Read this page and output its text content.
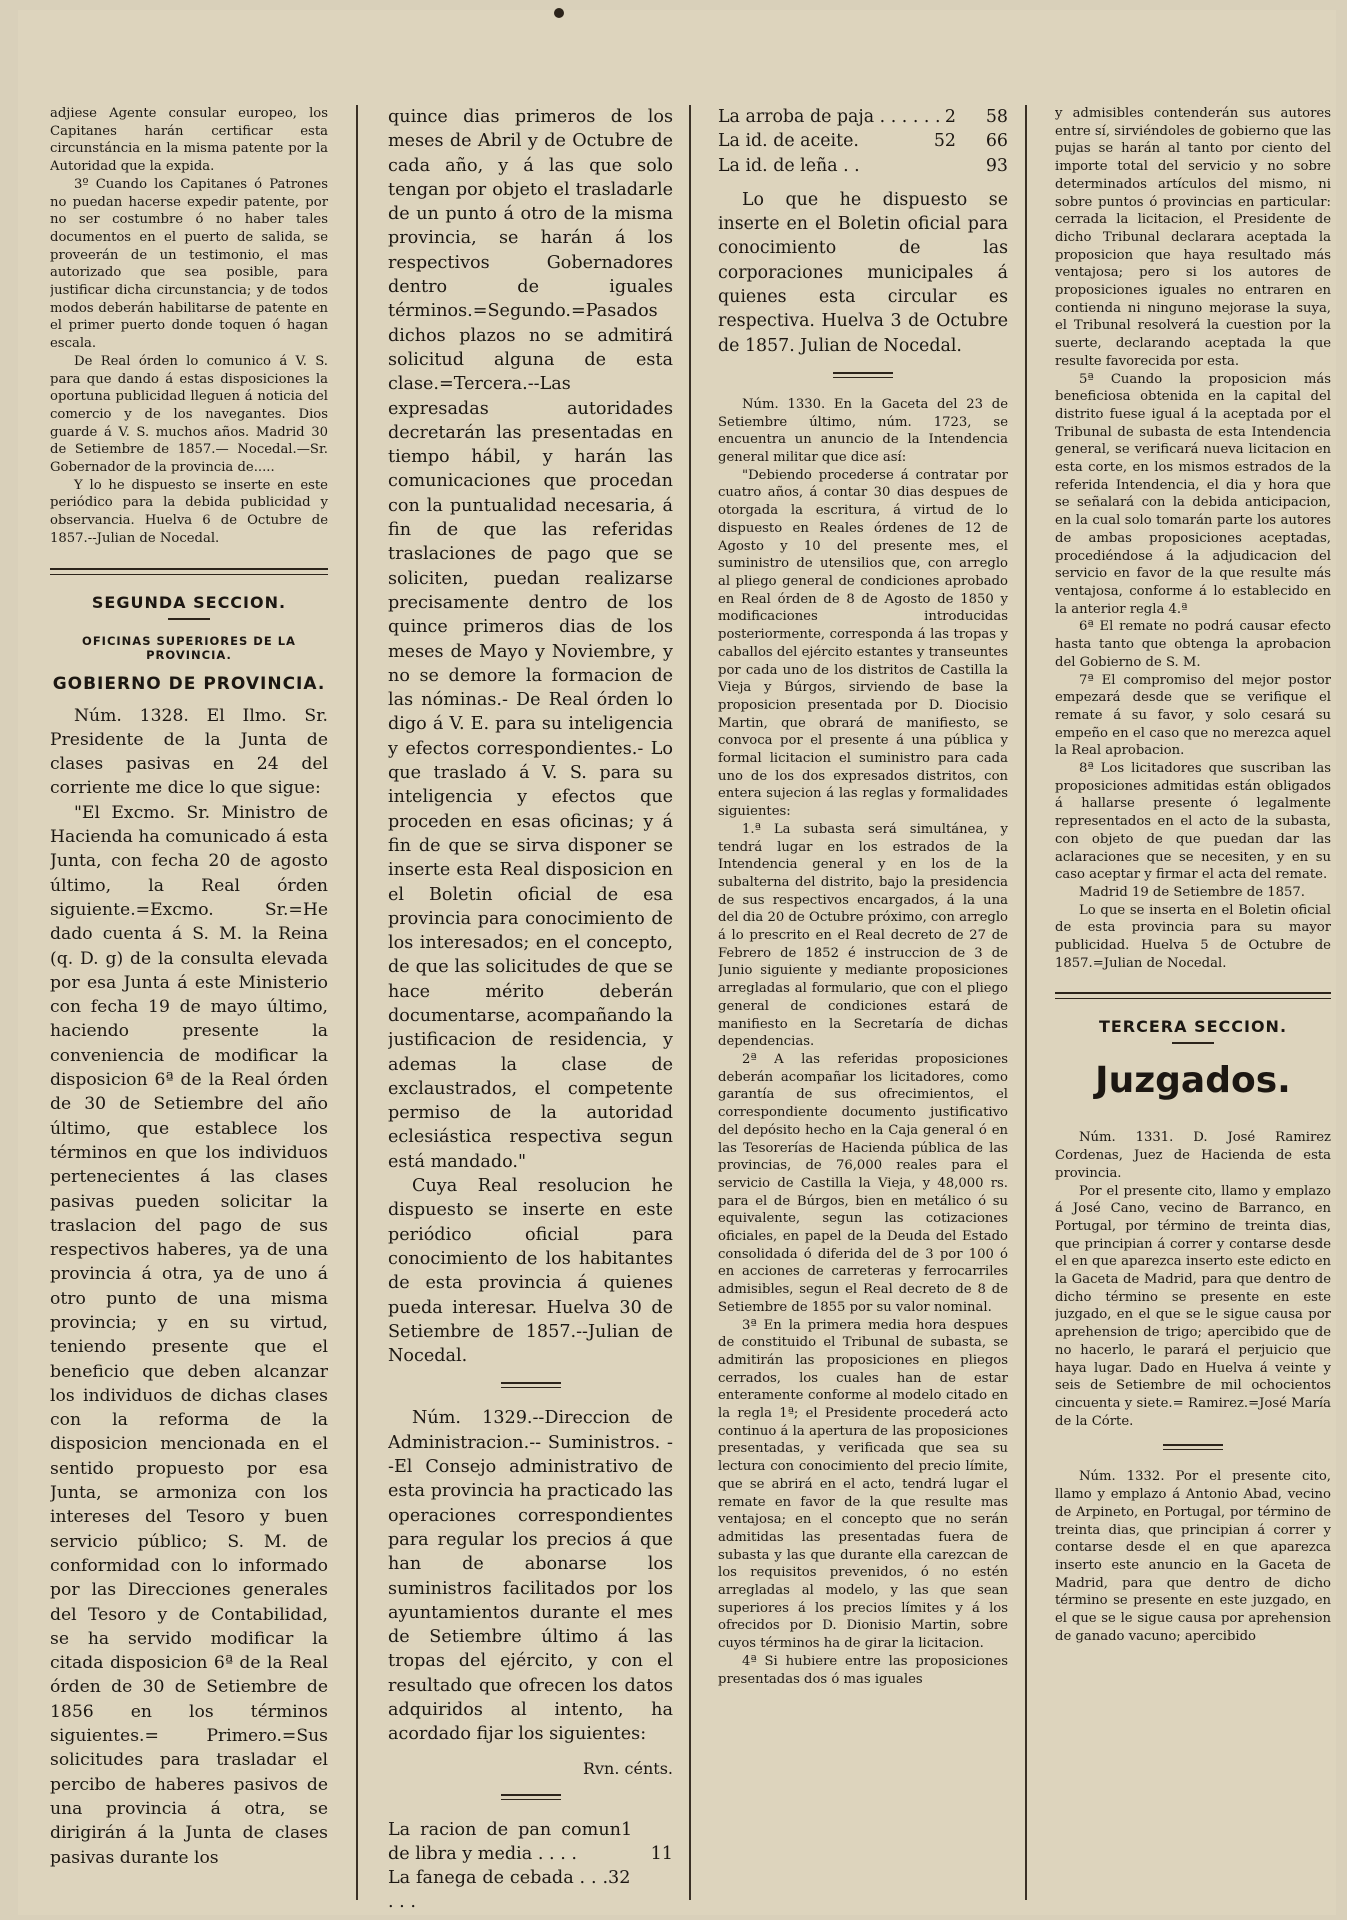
adjiese Agente consular europeo, los Capitanes harán certificar esta circunstáncia en la misma patente por la Autoridad que la expida.

3º Cuando los Capitanes ó Patrones no puedan hacerse expedir patente, por no ser costumbre ó no haber tales documentos en el puerto de salida, se proveerán de un testimonio, el mas autorizado que sea posible, para justificar dicha circunstancia; y de todos modos deberán habilitarse de patente en el primer puerto donde toquen ó hagan escala.

De Real órden lo comunico á V. S. para que dando á estas disposiciones la oportuna publicidad lleguen á noticia del comercio y de los navegantes. Dios guarde á V. S. muchos años. Madrid 30 de Setiembre de 1857.— Nocedal.—Sr. Gobernador de la provincia de.....

Y lo he dispuesto se inserte en este periódico para la debida publicidad y observancia. Huelva 6 de Octubre de 1857.--Julian de Nocedal.

SEGUNDA SECCION.
OFICINAS SUPERIORES DE LA PROVINCIA.
GOBIERNO DE PROVINCIA.

Núm. 1328. El Ilmo. Sr. Presidente de la Junta de clases pasivas en 24 del corriente me dice lo que sigue:

"El Excmo. Sr. Ministro de Hacienda ha comunicado á esta Junta, con fecha 20 de agosto último, la Real órden siguiente.=Excmo. Sr.=He dado cuenta á S. M. la Reina (q. D. g) de la consulta elevada por esa Junta á este Ministerio con fecha 19 de mayo último, haciendo presente la conveniencia de modificar la disposicion 6ª de la Real órden de 30 de Setiembre del año último, que establece los términos en que los individuos pertenecientes á las clases pasivas pueden solicitar la traslacion del pago de sus respectivos haberes, ya de una provincia á otra, ya de uno á otro punto de una misma provincia; y en su virtud, teniendo presente que el beneficio que deben alcanzar los individuos de dichas clases con la reforma de la disposicion mencionada en el sentido propuesto por esa Junta, se armoniza con los intereses del Tesoro y buen servicio público; S. M. de conformidad con lo informado por las Direcciones generales del Tesoro y de Contabilidad, se ha servido modificar la citada disposicion 6ª de la Real órden de 30 de Setiembre de 1856 en los términos siguientes.= Primero.=Sus solicitudes para trasladar el percibo de haberes pasivos de una provincia á otra, se dirigirán á la Junta de clases pasivas durante los

quince dias primeros de los meses de Abril y de Octubre de cada año, y á las que solo tengan por objeto el trasladarle de un punto á otro de la misma provincia, se harán á los respectivos Gobernadores dentro de iguales términos.=Segundo.=Pasados dichos plazos no se admitirá solicitud alguna de esta clase.=Tercera.--Las expresadas autoridades decretarán las presentadas en tiempo hábil, y harán las comunicaciones que procedan con la puntualidad necesaria, á fin de que las referidas traslaciones de pago que se soliciten, puedan realizarse precisamente dentro de los quince primeros dias de los meses de Mayo y Noviembre, y no se demore la formacion de las nóminas.- De Real órden lo digo á V. E. para su inteligencia y efectos correspondientes.- Lo que traslado á V. S. para su inteligencia y efectos que proceden en esas oficinas; y á fin de que se sirva disponer se inserte esta Real disposicion en el Boletin oficial de esa provincia para conocimiento de los interesados; en el concepto, de que las solicitudes de que se hace mérito deberán documentarse, acompañando la justificacion de residencia, y ademas la clase de exclaustrados, el competente permiso de la autoridad eclesiástica respectiva segun está mandado."

Cuya Real resolucion he dispuesto se inserte en este periódico oficial para conocimiento de los habitantes de esta provincia á quienes pueda interesar. Huelva 30 de Setiembre de 1857.--Julian de Nocedal.

Núm. 1329.--Direccion de Administracion.-- Suministros. --El Consejo administrativo de esta provincia ha practicado las operaciones correspondientes para regular los precios á que han de abonarse los suministros facilitados por los ayuntamientos durante el mes de Setiembre último á las tropas del ejército, y con el resultado que ofrecen los datos adquiridos al intento, ha acordado fijar los siguientes:

Rvn. cénts.
La racion de pan comun de libra y media . . . .
111
La fanega de cebada . . . . . .
32
La arroba de paja . . . . . . 2 58
La id. de aceite.	52 66
La id. de leña . .	93

Lo que he dispuesto se inserte en el Boletin oficial para conocimiento de las corporaciones municipales á quienes esta circular es respectiva. Huelva 3 de Octubre de 1857. Julian de Nocedal.

Núm. 1330. En la Gaceta del 23 de Setiembre último, núm. 1723, se encuentra un anuncio de la Intendencia general militar que dice así:

"Debiendo procederse á contratar por cuatro años, á contar 30 dias despues de otorgada la escritura, á virtud de lo dispuesto en Reales órdenes de 12 de Agosto y 10 del presente mes, el suministro de utensilios que, con arreglo al pliego general de condiciones aprobado en Real órden de 8 de Agosto de 1850 y modificaciones introducidas posteriormente, corresponda á las tropas y caballos del ejército estantes y transeuntes por cada uno de los distritos de Castilla la Vieja y Búrgos, sirviendo de base la proposicion presentada por D. Diocisio Martin, que obrará de manifiesto, se convoca por el presente á una pública y formal licitacion el suministro para cada uno de los dos expresados distritos, con entera sujecion á las reglas y formalidades siguientes:

1.ª La subasta será simultánea, y tendrá lugar en los estrados de la Intendencia general y en los de la subalterna del distrito, bajo la presidencia de sus respectivos encargados, á la una del dia 20 de Octubre próximo, con arreglo á lo prescrito en el Real decreto de 27 de Febrero de 1852 é instruccion de 3 de Junio siguiente y mediante proposiciones arregladas al formulario, que con el pliego general de condiciones estará de manifiesto en la Secretaría de dichas dependencias.

2ª A las referidas proposiciones deberán acompañar los licitadores, como garantía de sus ofrecimientos, el correspondiente documento justificativo del depósito hecho en la Caja general ó en las Tesorerías de Hacienda pública de las provincias, de 76,000 reales para el servicio de Castilla la Vieja, y 48,000 rs. para el de Búrgos, bien en metálico ó su equivalente, segun las cotizaciones oficiales, en papel de la Deuda del Estado consolidada ó diferida del de 3 por 100 ó en acciones de carreteras y ferrocarriles admisibles, segun el Real decreto de 8 de Setiembre de 1855 por su valor nominal.

3ª En la primera media hora despues de constituido el Tribunal de subasta, se admitirán las proposiciones en pliegos cerrados, los cuales han de estar enteramente conforme al modelo citado en la regla 1ª; el Presidente procederá acto continuo á la apertura de las proposiciones presentadas, y verificada que sea su lectura con conocimiento del precio límite, que se abrirá en el acto, tendrá lugar el remate en favor de la que resulte mas ventajosa; en el concepto que no serán admitidas las presentadas fuera de subasta y las que durante ella carezcan de los requisitos prevenidos, ó no estén arregladas al modelo, y las que sean superiores á los precios límites y á los ofrecidos por D. Dionisio Martin, sobre cuyos términos ha de girar la licitacion.

4ª Si hubiere entre las proposiciones presentadas dos ó mas iguales

y admisibles contenderán sus autores entre sí, sirviéndoles de gobierno que las pujas se harán al tanto por ciento del importe total del servicio y no sobre determinados artículos del mismo, ni sobre puntos ó provincias en particular: cerrada la licitacion, el Presidente de dicho Tribunal declarara aceptada la proposicion que haya resultado más ventajosa; pero si los autores de proposiciones iguales no entraren en contienda ni ninguno mejorase la suya, el Tribunal resolverá la cuestion por la suerte, declarando aceptada la que resulte favorecida por esta.

5ª Cuando la proposicion más beneficiosa obtenida en la capital del distrito fuese igual á la aceptada por el Tribunal de subasta de esta Intendencia general, se verificará nueva licitacion en esta corte, en los mismos estrados de la referida Intendencia, el dia y hora que se señalará con la debida anticipacion, en la cual solo tomarán parte los autores de ambas proposiciones aceptadas, procediéndose á la adjudicacion del servicio en favor de la que resulte más ventajosa, conforme á lo establecido en la anterior regla 4.ª

6ª El remate no podrá causar efecto hasta tanto que obtenga la aprobacion del Gobierno de S. M.

7ª El compromiso del mejor postor empezará desde que se verifique el remate á su favor, y solo cesará su empeño en el caso que no merezca aquel la Real aprobacion.

8ª Los licitadores que suscriban las proposiciones admitidas están obligados á hallarse presente ó legalmente representados en el acto de la subasta, con objeto de que puedan dar las aclaraciones que se necesiten, y en su caso aceptar y firmar el acta del remate.

Madrid 19 de Setiembre de 1857.

Lo que se inserta en el Boletin oficial de esta provincia para su mayor publicidad. Huelva 5 de Octubre de 1857.=Julian de Nocedal.

TERCERA SECCION.
Juzgados.

Núm. 1331. D. José Ramirez Cordenas, Juez de Hacienda de esta provincia.

Por el presente cito, llamo y emplazo á José Cano, vecino de Barranco, en Portugal, por término de treinta dias, que principian á correr y contarse desde el en que aparezca inserto este edicto en la Gaceta de Madrid, para que dentro de dicho término se presente en este juzgado, en el que se le sigue causa por aprehension de trigo; apercibido que de no hacerlo, le parará el perjuicio que haya lugar. Dado en Huelva á veinte y seis de Setiembre de mil ochocientos cincuenta y siete.= Ramirez.=José María de la Córte.

Núm. 1332. Por el presente cito, llamo y emplazo á Antonio Abad, vecino de Arpineto, en Portugal, por término de treinta dias, que principian á correr y contarse desde el en que aparezca inserto este anuncio en la Gaceta de Madrid, para que dentro de dicho término se presente en este juzgado, en el que se le sigue causa por aprehension de ganado vacuno; apercibido
